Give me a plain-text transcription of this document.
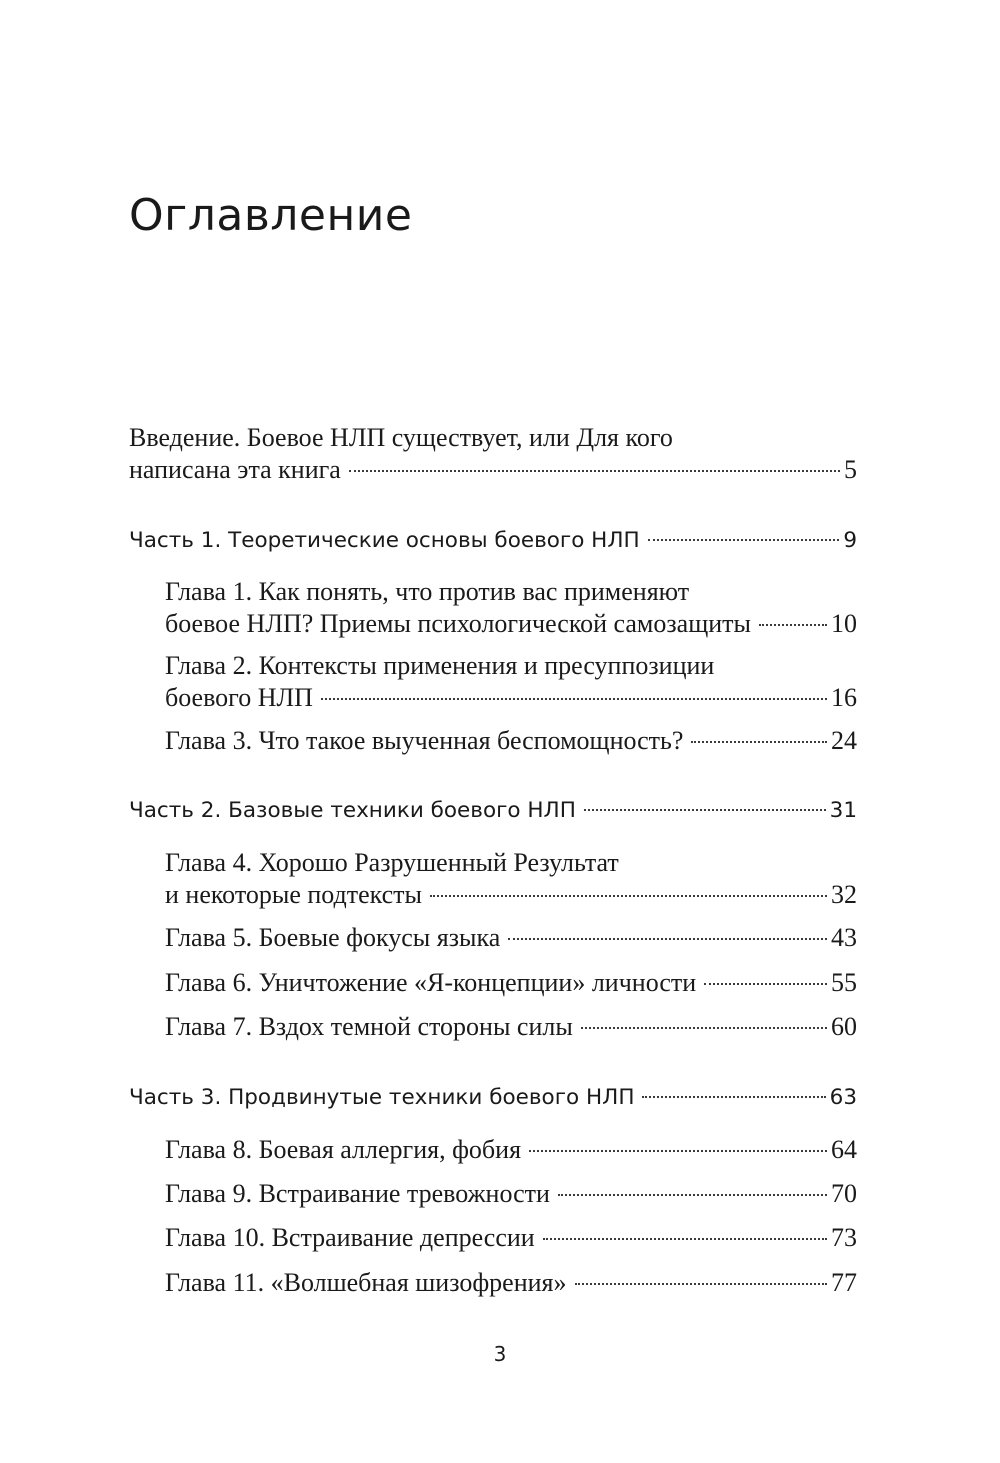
Оглавление
Введение. Боевое НЛП существует, или Для кого
написана эта книга	5
Часть 1. Теоретические основы боевого НЛП	9
Глава 1. Как понять, что против вас применяют
боевое НЛП? Приемы психологической самозащиты	10
Глава 2. Контексты применения и пресуппозиции
боевого НЛП	16
Глава 3. Что такое выученная беспомощность?	24
Часть 2. Базовые техники боевого НЛП	31
Глава 4. Хорошо Разрушенный Результат
и некоторые подтексты	32
Глава 5. Боевые фокусы языка	43
Глава 6. Уничтожение «Я-концепции» личности	55
Глава 7. Вздох темной стороны силы	60
Часть 3. Продвинутые техники боевого НЛП	63
Глава 8. Боевая аллергия, фобия	64
Глава 9. Встраивание тревожности	70
Глава 10. Встраивание депрессии	73
Глава 11. «Волшебная шизофрения»	77
3
